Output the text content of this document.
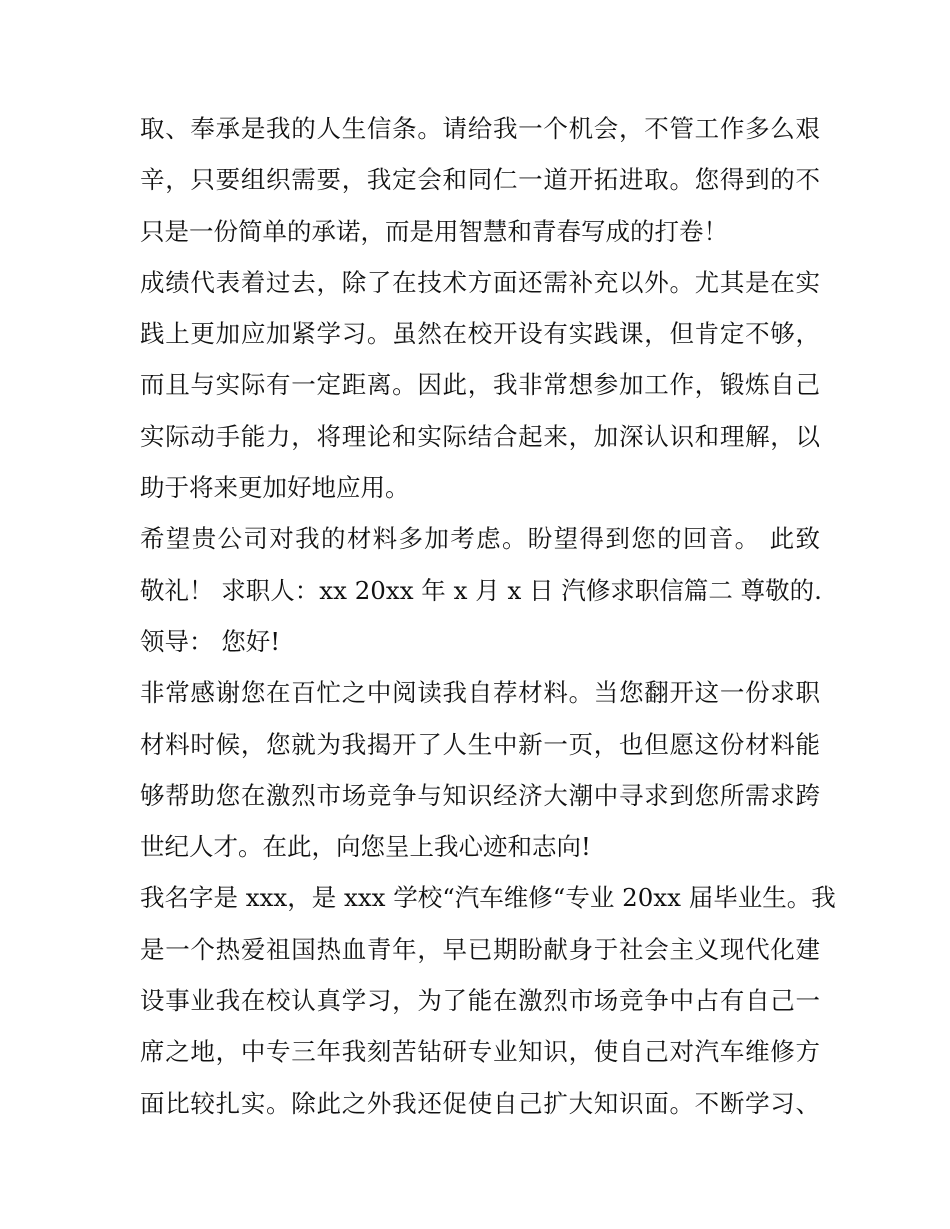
取、奉承是我的人生信条。请给我一个机会，不管工作多么艰
辛，只要组织需要，我定会和同仁一道开拓进取。您得到的不
只是一份简单的承诺，而是用智慧和青春写成的打卷！
成绩代表着过去，除了在技术方面还需补充以外。尤其是在实
践上更加应加紧学习。虽然在校开设有实践课，但肯定不够，
而且与实际有一定距离。因此，我非常想参加工作，锻炼自己
实际动手能力，将理论和实际结合起来，加深认识和理解，以
助于将来更加好地应用。
希望贵公司对我的材料多加考虑。盼望得到您的回音。 此致
敬礼！ 求职人：xx 20xx 年 x 月 x 日 汽修求职信篇二 尊敬的.
领导： 您好!
非常感谢您在百忙之中阅读我自荐材料。当您翻开这一份求职
材料时候，您就为我揭开了人生中新一页，也但愿这份材料能
够帮助您在激烈市场竞争与知识经济大潮中寻求到您所需求跨
世纪人才。在此，向您呈上我心迹和志向!
我名字是 xxx，是 xxx 学校“汽车维修“专业 20xx 届毕业生。我
是一个热爱祖国热血青年，早已期盼献身于社会主义现代化建
设事业我在校认真学习，为了能在激烈市场竞争中占有自己一
席之地，中专三年我刻苦钻研专业知识，使自己对汽车维修方
面比较扎实。除此之外我还促使自己扩大知识面。不断学习、
